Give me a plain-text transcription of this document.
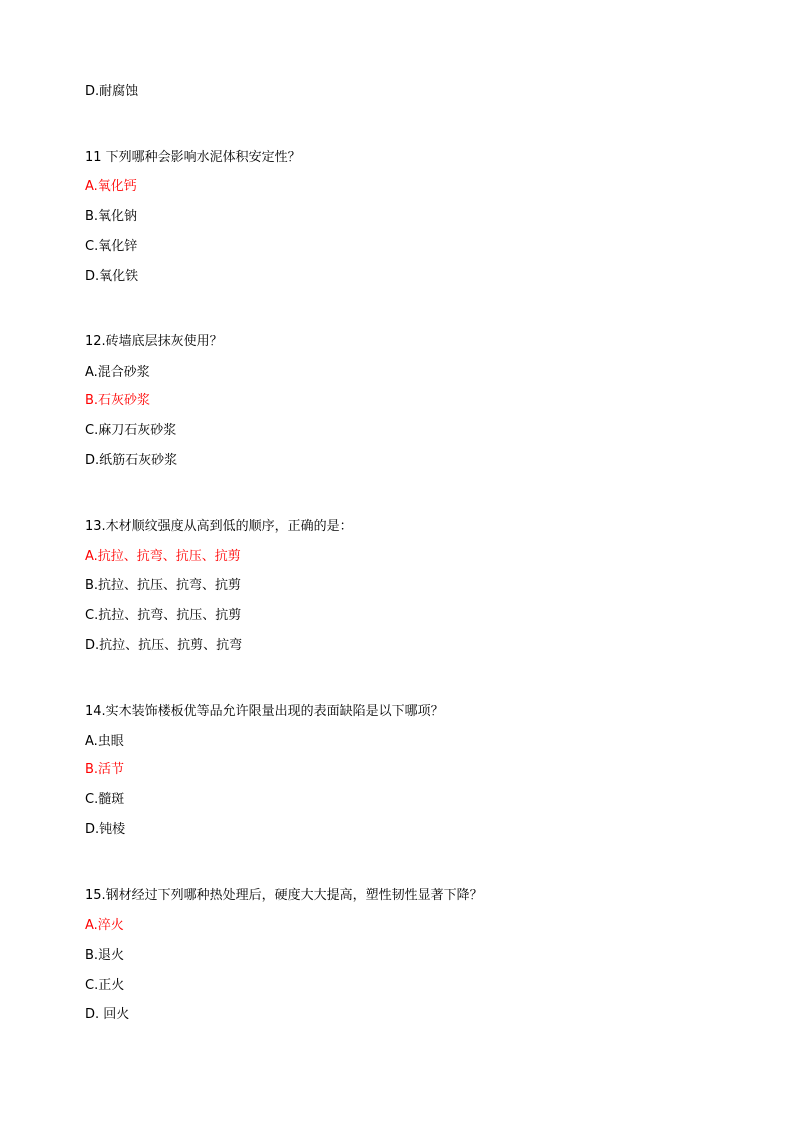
D.耐腐蚀
11 下列哪种会影响水泥体积安定性？
A.氧化钙
B.氧化钠
C.氧化锌
D.氧化铁
12.砖墙底层抹灰使用？
A.混合砂浆
B.石灰砂浆
C.麻刀石灰砂浆
D.纸筋石灰砂浆
13.木材顺纹强度从高到低的顺序，正确的是：
A.抗拉、抗弯、抗压、抗剪
B.抗拉、抗压、抗弯、抗剪
C.抗拉、抗弯、抗压、抗剪
D.抗拉、抗压、抗剪、抗弯
14.实木装饰楼板优等品允许限量出现的表面缺陷是以下哪项？
A.虫眼
B.活节
C.髓斑
D.钝棱
15.钢材经过下列哪种热处理后，硬度大大提高，塑性韧性显著下降？
A.淬火
B.退火
C.正火
D. 回火
